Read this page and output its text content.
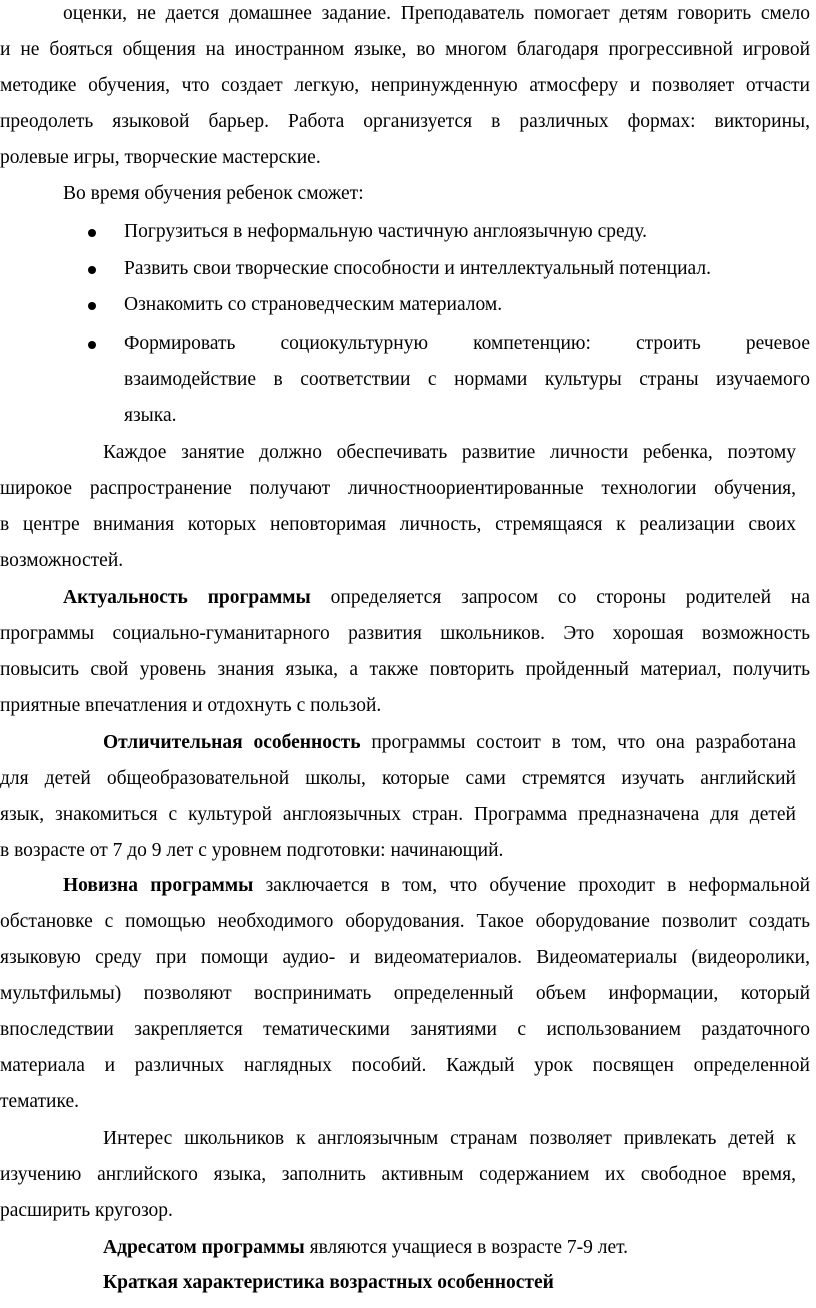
оценки, не дается домашнее задание. Преподаватель помогает детям говорить смело
и не бояться общения на иностранном языке, во многом благодаря прогрессивной игровой
методике обучения, что создает легкую, непринужденную атмосферу и позволяет отчасти
преодолеть языковой барьер. Работа организуется в различных формах: викторины,
ролевые игры, творческие мастерские.
Во время обучения ребенок сможет:
Погрузиться в неформальную частичную англоязычную среду.
Развить свои творческие способности и интеллектуальный потенциал.
Ознакомить со страноведческим материалом.
Формировать социокультурную компетенцию: строить речевое
взаимодействие в соответствии с нормами культуры страны изучаемого
языка.
Каждое занятие должно обеспечивать развитие личности ребенка, поэтому
широкое распространение получают личностноориентированные технологии обучения,
в центре внимания которых неповторимая личность, стремящаяся к реализации своих
возможностей.
Актуальность программы определяется запросом со стороны родителей на
программы социально-гуманитарного развития школьников. Это хорошая возможность
повысить свой уровень знания языка, а также повторить пройденный материал, получить
приятные впечатления и отдохнуть с пользой.
Отличительная особенность программы состоит в том, что она разработана
для детей общеобразовательной школы, которые сами стремятся изучать английский
язык, знакомиться с культурой англоязычных стран. Программа предназначена для детей
в возрасте от 7 до 9 лет с уровнем подготовки: начинающий.
Новизна программы заключается в том, что обучение проходит в неформальной
обстановке с помощью необходимого оборудования. Такое оборудование позволит создать
языковую среду при помощи аудио- и видеоматериалов. Видеоматериалы (видеоролики,
мультфильмы) позволяют воспринимать определенный объем информации, который
впоследствии закрепляется тематическими занятиями с использованием раздаточного
материала и различных наглядных пособий. Каждый урок посвящен определенной
тематике.
Интерес школьников к англоязычным странам позволяет привлекать детей к
изучению английского языка, заполнить активным содержанием их свободное время,
расширить кругозор.
Адресатом программы являются учащиеся в возрасте 7-9 лет.
Краткая характеристика возрастных особенностей
